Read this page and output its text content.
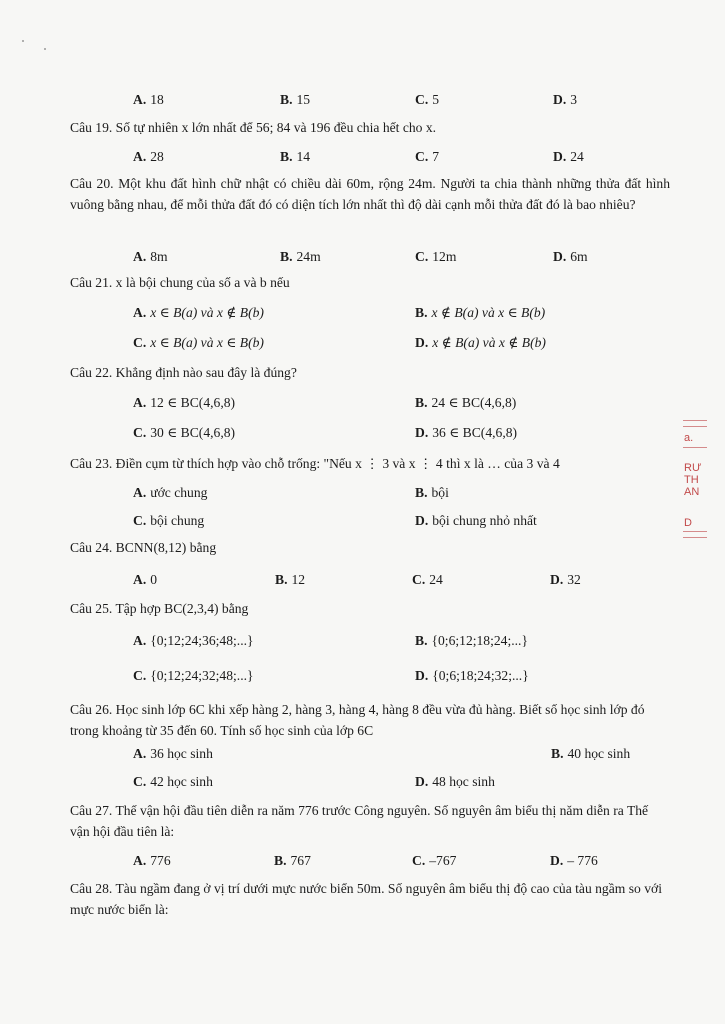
A. 18	B. 15	C. 5	D. 3
Câu 19. Số tự nhiên x lớn nhất để 56; 84 và 196 đều chia hết cho x.
A. 28	B. 14	C. 7	D. 24
Câu 20. Một khu đất hình chữ nhật có chiều dài 60m, rộng 24m. Người ta chia thành những thửa đất hình vuông bằng nhau, để mỗi thửa đất đó có diện tích lớn nhất thì độ dài cạnh mỗi thửa đất đó là bao nhiêu?
A. 8m	B. 24m	C. 12m	D. 6m
Câu 21. x là bội chung của số a và b nếu
A. x ∈ B(a) và x ∉ B(b)	B. x ∉ B(a) và x ∈ B(b)
C. x ∈ B(a) và x ∈ B(b)	D. x ∉ B(a) và x ∉ B(b)
Câu 22. Khẳng định nào sau đây là đúng?
A. 12 ∈ BC(4,6,8)	B. 24 ∈ BC(4,6,8)
C. 30 ∈ BC(4,6,8)	D. 36 ∈ BC(4,6,8)
Câu 23. Điền cụm từ thích hợp vào chỗ trống: "Nếu x ⋮ 3 và x ⋮ 4 thì x là … của 3 và 4
A. ước chung	B. bội
C. bội chung	D. bội chung nhỏ nhất
Câu 24. BCNN(8,12) bằng
A. 0	B. 12	C. 24	D. 32
Câu 25. Tập hợp BC(2,3,4) bằng
A. {0;12;24;36;48;...}	B. {0;6;12;18;24;...}
C. {0;12;24;32;48;...}	D. {0;6;18;24;32;...}
Câu 26. Học sinh lớp 6C khi xếp hàng 2, hàng 3, hàng 4, hàng 8 đều vừa đủ hàng. Biết số học sinh lớp đó trong khoảng từ 35 đến 60. Tính số học sinh của lớp 6C
A. 36 học sinh	B. 40 học sinh
C. 42 học sinh	D. 48 học sinh
Câu 27. Thế vận hội đầu tiên diễn ra năm 776 trước Công nguyên. Số nguyên âm biểu thị năm diễn ra Thế vận hội đầu tiên là:
A. 776	B. 767	C. –767	D. – 776
Câu 28. Tàu ngầm đang ở vị trí dưới mực nước biển 50m. Số nguyên âm biểu thị độ cao của tàu ngầm so với mực nước biển là:
a.
RƯ
TH
AN
D
